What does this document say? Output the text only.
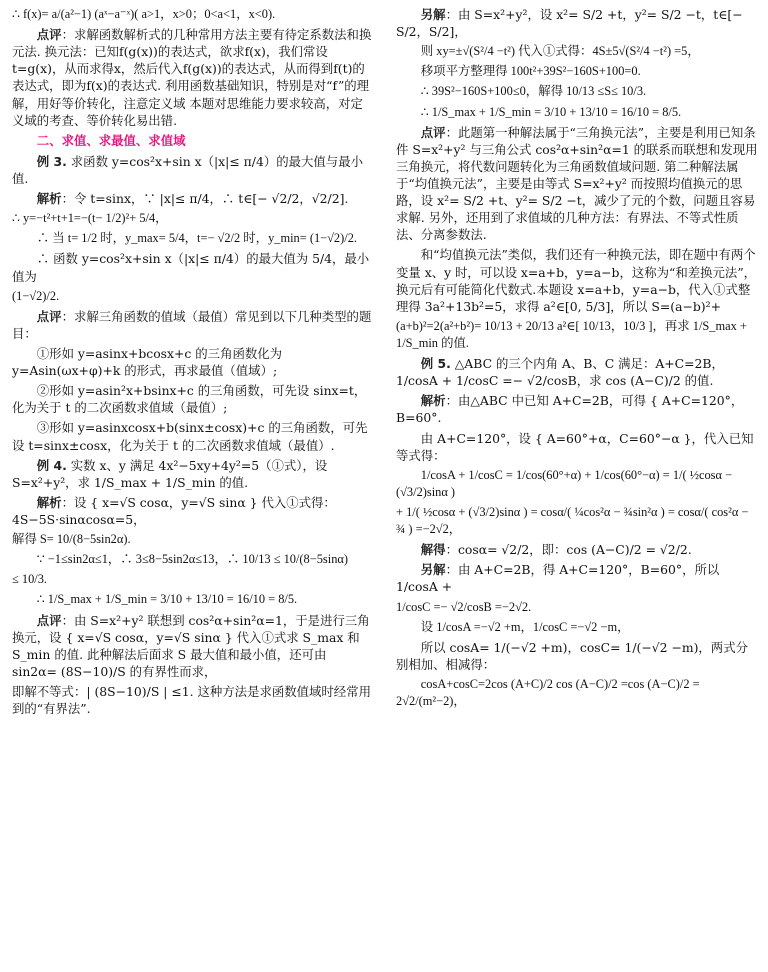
∴ f(x)= a/(a²−1) (aˣ−a⁻ˣ)( a>1，x>0；0<a<1，x<0).

点评：求解函数解析式的几种常用方法主要有待定系数法和换元法. 换元法：已知f(g(x))的表达式，欲求f(x)，我们常设t=g(x)，从而求得x，然后代入f(g(x))的表达式，从而得到f(t)的表达式，即为f(x)的表达式. 利用函数基础知识，特别是对“f”的理解，用好等价转化，注意定义域 本题对思维能力要求较高，对定义域的考查、等价转化易出错.

二、求值、求最值、求值域

例 3. 求函数 y=cos²x+sin x（|x|≤ π/4）的最大值与最小值.

解析：令 t=sinx，∵ |x|≤ π/4，∴ t∈[− √2/2，√2/2].

∴ y=−t²+t+1=−(t− 1/2)²+ 5/4，

∴ 当 t= 1/2 时，y_max= 5/4，t=− √2/2 时，y_min= (1−√2)/2.

∴ 函数 y=cos²x+sin x（|x|≤ π/4）的最大值为 5/4，最小值为

(1−√2)/2.

点评：求解三角函数的值域（最值）常见到以下几种类型的题目：

①形如 y=asinx+bcosx+c 的三角函数化为 y=Asin(ωx+φ)+k 的形式，再求最值（值域）;

②形如 y=asin²x+bsinx+c 的三角函数，可先设 sinx=t，化为关于 t 的二次函数求值域（最值）;

③形如 y=asinxcosx+b(sinx±cosx)+c 的三角函数，可先设 t=sinx±cosx，化为关于 t 的二次函数求值域（最值）.

例 4. 实数 x、y 满足 4x²−5xy+4y²=5（①式），设 S=x²+y²，求 1/S_max + 1/S_min 的值.

解析：设 { x=√S cosα，y=√S sinα } 代入①式得：4S−5S·sinαcosα=5，

解得 S= 10/(8−5sin2α).

∵ −1≤sin2α≤1，∴ 3≤8−5sin2α≤13，∴ 10/13 ≤ 10/(8−5sinα)

≤ 10/3.

∴ 1/S_max + 1/S_min = 3/10 + 13/10 = 16/10 = 8/5.

点评：由 S=x²+y² 联想到 cos²α+sin²α=1，于是进行三角换元，设 { x=√S cosα，y=√S sinα } 代入①式求 S_max 和 S_min 的值. 此种解法后面求 S 最大值和最小值，还可由 sin2α= (8S−10)/S 的有界性而求，

即解不等式：| (8S−10)/S | ≤1. 这种方法是求函数值域时经常用到的“有界法”.

另解：由 S=x²+y²，设 x²= S/2 +t，y²= S/2 −t，t∈[− S/2，S/2]，

则 xy=±√(S²/4 −t²) 代入①式得：4S±5√(S²/4 −t²) =5，

移项平方整理得 100t²+39S²−160S+100=0.

∴ 39S²−160S+100≤0，解得 10/13 ≤S≤ 10/3.

∴ 1/S_max + 1/S_min = 3/10 + 13/10 = 16/10 = 8/5.

点评：此题第一种解法属于“三角换元法”，主要是利用已知条件 S=x²+y² 与三角公式 cos²α+sin²α=1 的联系而联想和发现用三角换元，将代数问题转化为三角函数值域问题. 第二种解法属于“均值换元法”，主要是由等式 S=x²+y² 而按照均值换元的思路，设 x²= S/2 +t、y²= S/2 −t，减少了元的个数，问题且容易求解. 另外，还用到了求值域的几种方法：有界法、不等式性质法、分离参数法.

和“均值换元法”类似，我们还有一种换元法，即在题中有两个变量 x、y 时，可以设 x=a+b，y=a−b，这称为“和差换元法”，换元后有可能简化代数式.本题设 x=a+b，y=a−b，代入①式整理得 3a²+13b²=5，求得 a²∈[0, 5/3]，所以 S=(a−b)²+

(a+b)²=2(a²+b²)= 10/13 + 20/13 a²∈[ 10/13，10/3 ]，再求 1/S_max + 1/S_min 的值.

例 5. △ABC 的三个内角 A、B、C 满足：A+C=2B，1/cosA + 1/cosC =− √2/cosB，求 cos (A−C)/2 的值.

解析：由△ABC 中已知 A+C=2B，可得 { A+C=120°，B=60°.

由 A+C=120°，设 { A=60°+α，C=60°−α }，代入已知等式得：

1/cosA + 1/cosC = 1/cos(60°+α) + 1/cos(60°−α) = 1/( ½cosα − (√3/2)sinα )

+ 1/( ½cosα + (√3/2)sinα ) = cosα/( ¼cos²α − ¾sin²α ) = cosα/( cos²α − ¾ ) =−2√2，

解得：cosα= √2/2，即：cos (A−C)/2 = √2/2.

另解：由 A+C=2B，得 A+C=120°，B=60°，所以 1/cosA +

1/cosC =− √2/cosB =−2√2.

设 1/cosA =−√2 +m，1/cosC =−√2 −m，

所以 cosA= 1/(−√2 +m)，cosC= 1/(−√2 −m)，两式分别相加、相减得：

cosA+cosC=2cos (A+C)/2 cos (A−C)/2 =cos (A−C)/2 = 2√2/(m²−2)，
